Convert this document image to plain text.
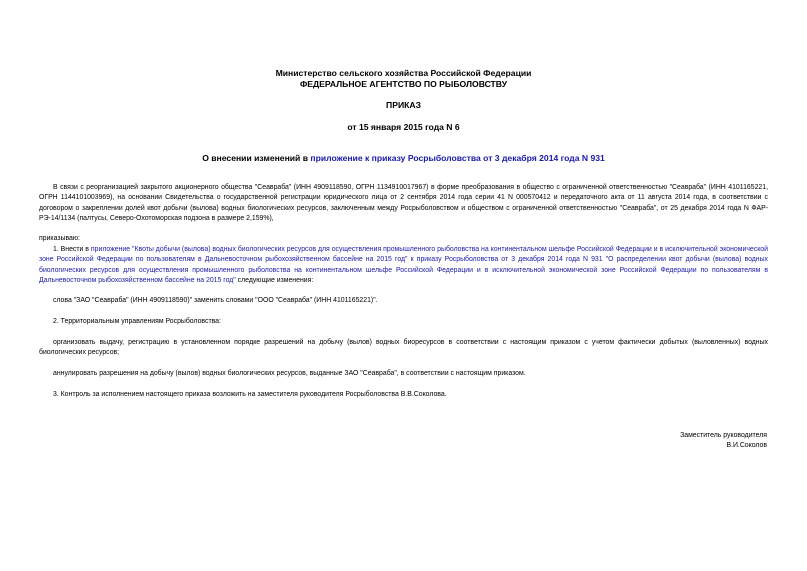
Министерство сельского хозяйства Российской Федерации
ФЕДЕРАЛЬНОЕ АГЕНТСТВО ПО РЫБОЛОВСТВУ
ПРИКАЗ
от 15 января 2015 года N 6
О внесении изменений в приложение к приказу Росрыболовства от 3 декабря 2014 года N 931
В связи с реорганизацией закрытого акционерного общества "Сеавраба" (ИНН 4909118590, ОГРН 1134910017967) в форме преобразования в общество с ограниченной ответственностью "Сеавраба" (ИНН 4101165221, ОГРН 1144101003969), на основании Свидетельства о государственной регистрации юридического лица от 2 сентября 2014 года серии 41 N 000570412 и передаточного акта от 11 августа 2014 года, в соответствии с договором о закреплении долей квот добычи (вылова) водных биологических ресурсов, заключенным между Росрыболовством и обществом с ограниченной ответственностью "Сеавраба", от 25 декабря 2014 года N ФАР-РЭ-14/1134 (палтусы, Северо-Охотоморская подзона в размере 2,159%),
приказываю:
1. Внести в приложение "Квоты добычи (вылова) водных биологических ресурсов для осуществления промышленного рыболовства на континентальном шельфе Российской Федерации и в исключительной экономической зоне Российской Федерации по пользователям в Дальневосточном рыбохозяйственном бассейне на 2015 год" к приказу Росрыболовства от 3 декабря 2014 года N 931 "О распределении квот добычи (вылова) водных биологических ресурсов для осуществления промышленного рыболовства на континентальном шельфе Российской Федерации и в исключительной экономической зоне Российской Федерации по пользователям в Дальневосточном рыбохозяйственном бассейне на 2015 год" следующие изменения:
слова "ЗАО "Сеавраба" (ИНН 4909118590)" заменить словами "ООО "Сеавраба" (ИНН 4101165221)".
2. Территориальным управлениям Росрыболовства:
организовать выдачу, регистрацию в установленном порядке разрешений на добычу (вылов) водных биоресурсов в соответствии с настоящим приказом с учетом фактически добытых (выловленных) водных биологических ресурсов;
аннулировать разрешения на добычу (вылов) водных биологических ресурсов, выданные ЗАО "Сеавраба", в соответствии с настоящим приказом.
3. Контроль за исполнением настоящего приказа возложить на заместителя руководителя Росрыболовства В.В.Соколова.
Заместитель руководителя
В.И.Соколов
